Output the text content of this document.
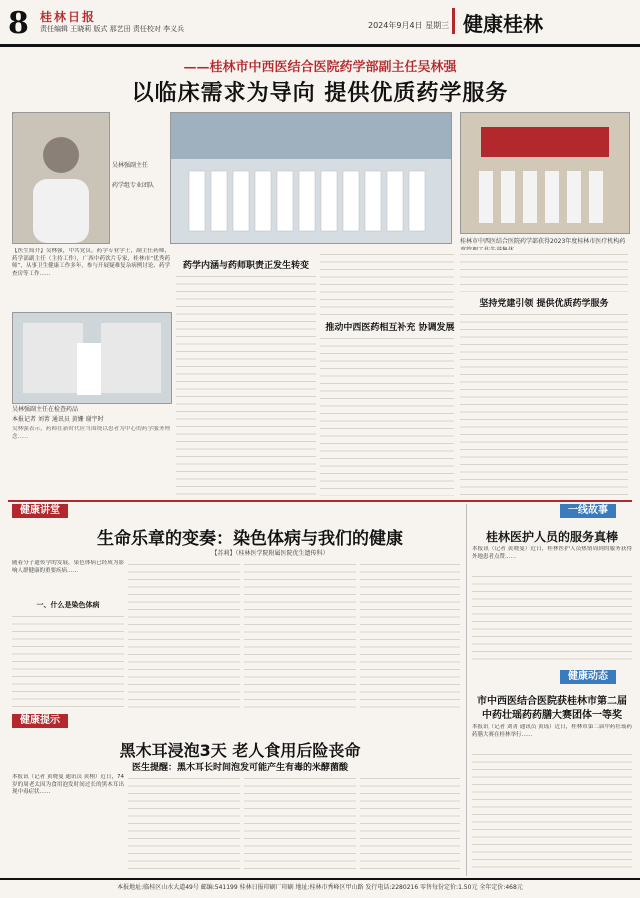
8 桂林日报
责任编辑 王晓莉 版式 那艺田 责任校对 李义兵	2024年9月4日 星期三 健康桂林
——桂林市中西医结合医院药学部副主任吴林强
以临床需求为导向 提供优质药学服务
吴林强副主任
药学组专业团队
桂林市中西医结合医院药学部获得2023年度桂林市医疗机构药
【医生简介】吴林强，中共党员，药学专业学士，副主任药师，药学部副主任（主持工作），广西中药饮片专家，桂林市“优秀药师”，从事卫生健康工作多年，参与开展疑难复杂病例讨论、药学查房等工作……
吴林强副主任在检查药品
本报记者 刘菁 通讯员 黄姗 谢宇时
吴林强表示，药师在新时代应当围绕以患者为中心的药学服务理念……
药学内涵与药师职责正发生转变
推动中西医药相互补充 协调发展
坚持党建引领 提供优质药学服务
健康讲堂
生命乐章的变奏：染色体病与我们的健康
【苏莉】（桂林医学院附属医院优生遗传科）
随着分子遗传学的发展，染色体病已经成为影响人群健康的重要疾病……
一、什么是染色体病
健康提示
黑木耳浸泡3天 老人食用后险丧命
医生提醒：黑木耳长时间泡发可能产生有毒的米酵菌酸
本报讯（记者 黄晓曼 通讯员 黄栩）近日，74岁的周老太因为食用泡发时间过长的黑木耳出现中毒症状……
一线故事
桂林医护人员的服务真棒
本报讯（记者 黄晓曼）近日，桂林医护人员热情周到的服务获得外地患者点赞……
健康动态
市中西医结合医院获桂林市第二届
中药壮瑶药药膳大赛团体一等奖
本报讯（记者 刘菁 通讯员 黄瑶）近日，桂林市第二届中药壮瑶药药膳大赛在桂林举行……
本报地址:临桂区山水大道49号 邮编:541199 桂林日报印刷厂印刷 地址:桂林市秀峰区甲山路 发行电话:2280216 零售每份定价:1.50元 全年定价:468元
